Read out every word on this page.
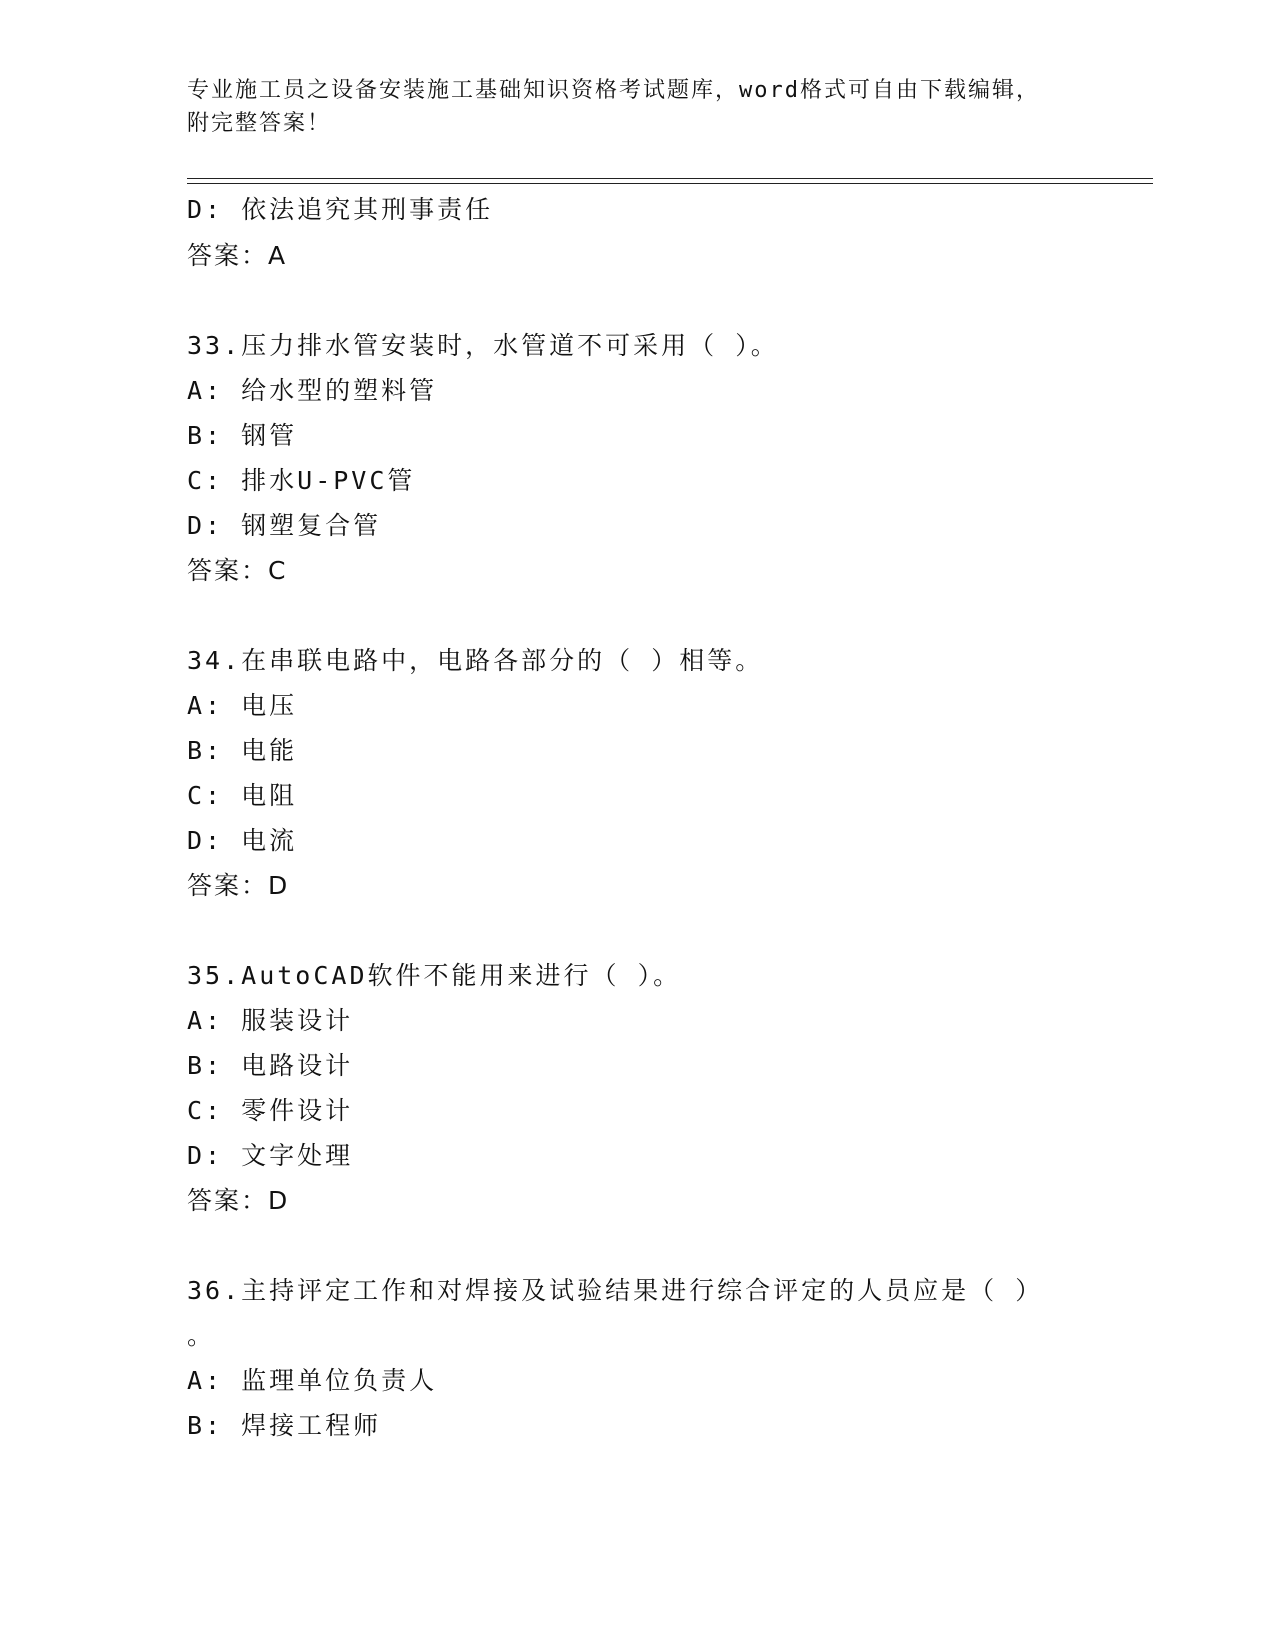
专业施工员之设备安装施工基础知识资格考试题库，word格式可自由下载编辑，
附完整答案！
D: 依法追究其刑事责任
答案：A
33.压力排水管安装时，水管道不可采用（ ）。
A: 给水型的塑料管
B: 钢管
C: 排水U-PVC管
D: 钢塑复合管
答案：C
34.在串联电路中，电路各部分的（ ）相等。
A: 电压
B: 电能
C: 电阻
D: 电流
答案：D
35.AutoCAD软件不能用来进行（ ）。
A: 服装设计
B: 电路设计
C: 零件设计
D: 文字处理
答案：D
36.主持评定工作和对焊接及试验结果进行综合评定的人员应是（ ）
。
A: 监理单位负责人
B: 焊接工程师
